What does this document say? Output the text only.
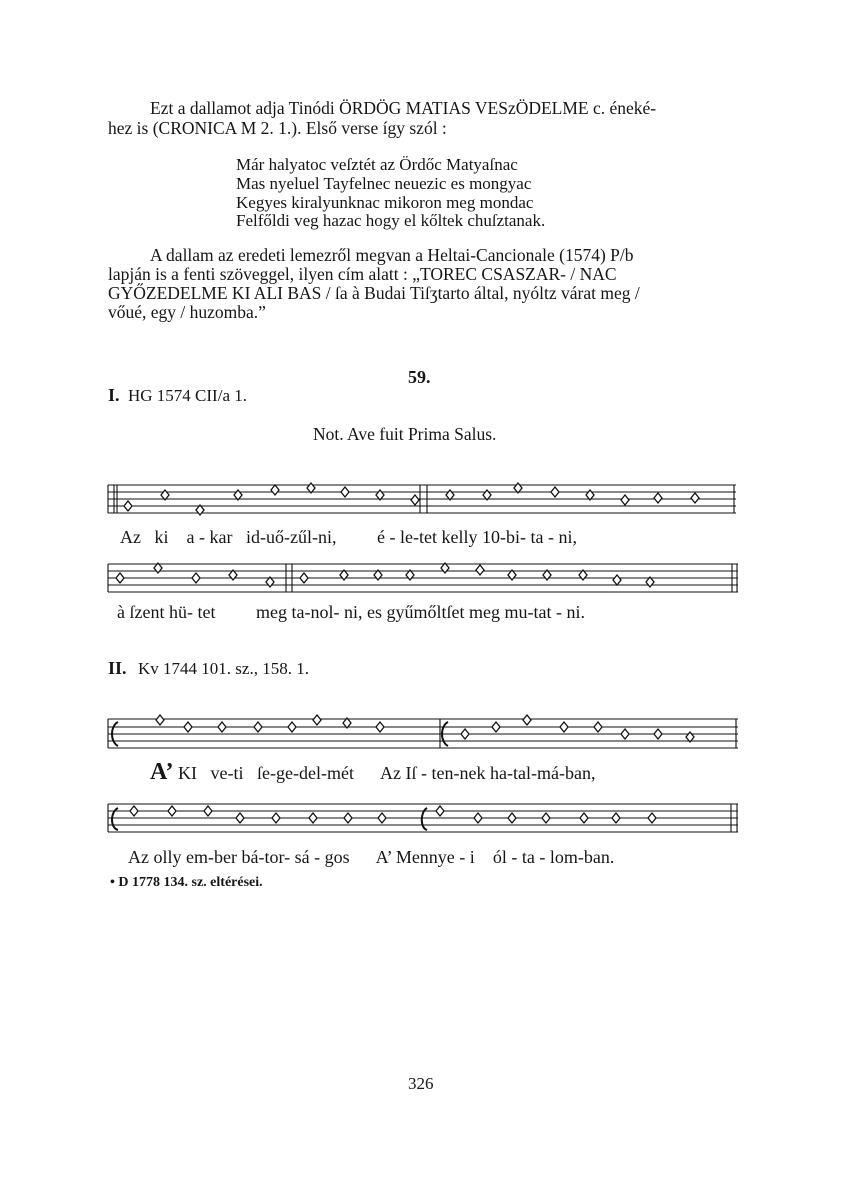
Ezt a dallamot adja Tinódi ÖRDÖG MATIAS VESzÖDELME c. éneké-
hez is (CRONICA M 2. 1.). Első verse így szól :
Már halyatoc veſztét az Ördőc Matyaſnac
Mas nyeluel Tayfelnec neuezic es mongyac
Kegyes kiralyunknac mikoron meg mondac
Felfőldi veg hazac hogy el kőltek chuſztanak.
A dallam az eredeti lemezről megvan a Heltai-Cancionale (1574) P/b
lapján is a fenti szöveggel, ilyen cím alatt : „TOREC CSASZAR- / NAC
GYŐZEDELME KI ALI BAS / ſa à Budai Tiſʒtarto által, nyóltz várat meg /
vőué, egy / huzomba.”
59.
I. HG 1574 CII/a 1.
Not. Ave fuit Prima Salus.
Az ki a - kar id-uő-zűl-ni, é - le-tet kelly 10-bi- ta - ni,
à ſzent hü- tet meg ta-nol- ni, es gyűmőltſet meg mu-tat - ni.
II. Kv 1744 101. sz., 158. 1.
A’ KI ve-ti ſe-ge-del-mét Az Iſ - ten-nek ha-tal-má-ban,
Az olly em-ber bá-tor- sá - gos A’ Mennye - i ól - ta - lom-ban.
• D 1778 134. sz. eltérései.
326
